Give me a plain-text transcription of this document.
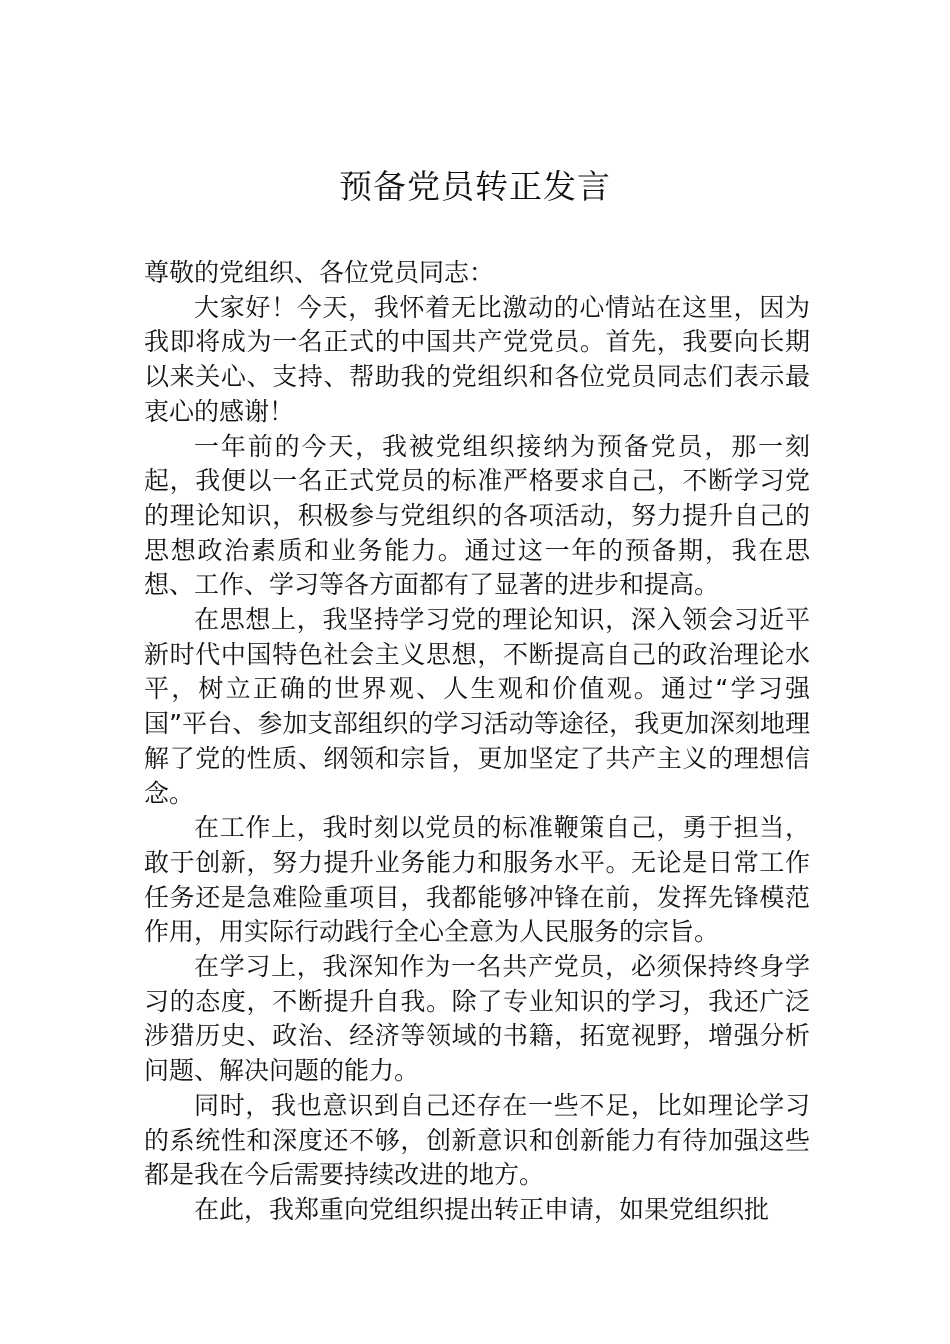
预备党员转正发言

尊敬的党组织、各位党员同志：

大家好！今天，我怀着无比激动的心情站在这里，因为我即将成为一名正式的中国共产党党员。首先，我要向长期以来关心、支持、帮助我的党组织和各位党员同志们表示最衷心的感谢！

一年前的今天，我被党组织接纳为预备党员，那一刻起，我便以一名正式党员的标准严格要求自己，不断学习党的理论知识，积极参与党组织的各项活动，努力提升自己的思想政治素质和业务能力。通过这一年的预备期，我在思想、工作、学习等各方面都有了显著的进步和提高。

在思想上，我坚持学习党的理论知识，深入领会习近平新时代中国特色社会主义思想，不断提高自己的政治理论水平，树立正确的世界观、人生观和价值观。通过“学习强国”平台、参加支部组织的学习活动等途径，我更加深刻地理解了党的性质、纲领和宗旨，更加坚定了共产主义的理想信念。

在工作上，我时刻以党员的标准鞭策自己，勇于担当，敢于创新，努力提升业务能力和服务水平。无论是日常工作任务还是急难险重项目，我都能够冲锋在前，发挥先锋模范作用，用实际行动践行全心全意为人民服务的宗旨。

在学习上，我深知作为一名共产党员，必须保持终身学习的态度，不断提升自我。除了专业知识的学习，我还广泛涉猎历史、政治、经济等领域的书籍，拓宽视野，增强分析问题、解决问题的能力。

同时，我也意识到自己还存在一些不足，比如理论学习的系统性和深度还不够，创新意识和创新能力有待加强这些都是我在今后需要持续改进的地方。

在此，我郑重向党组织提出转正申请，如果党组织批
